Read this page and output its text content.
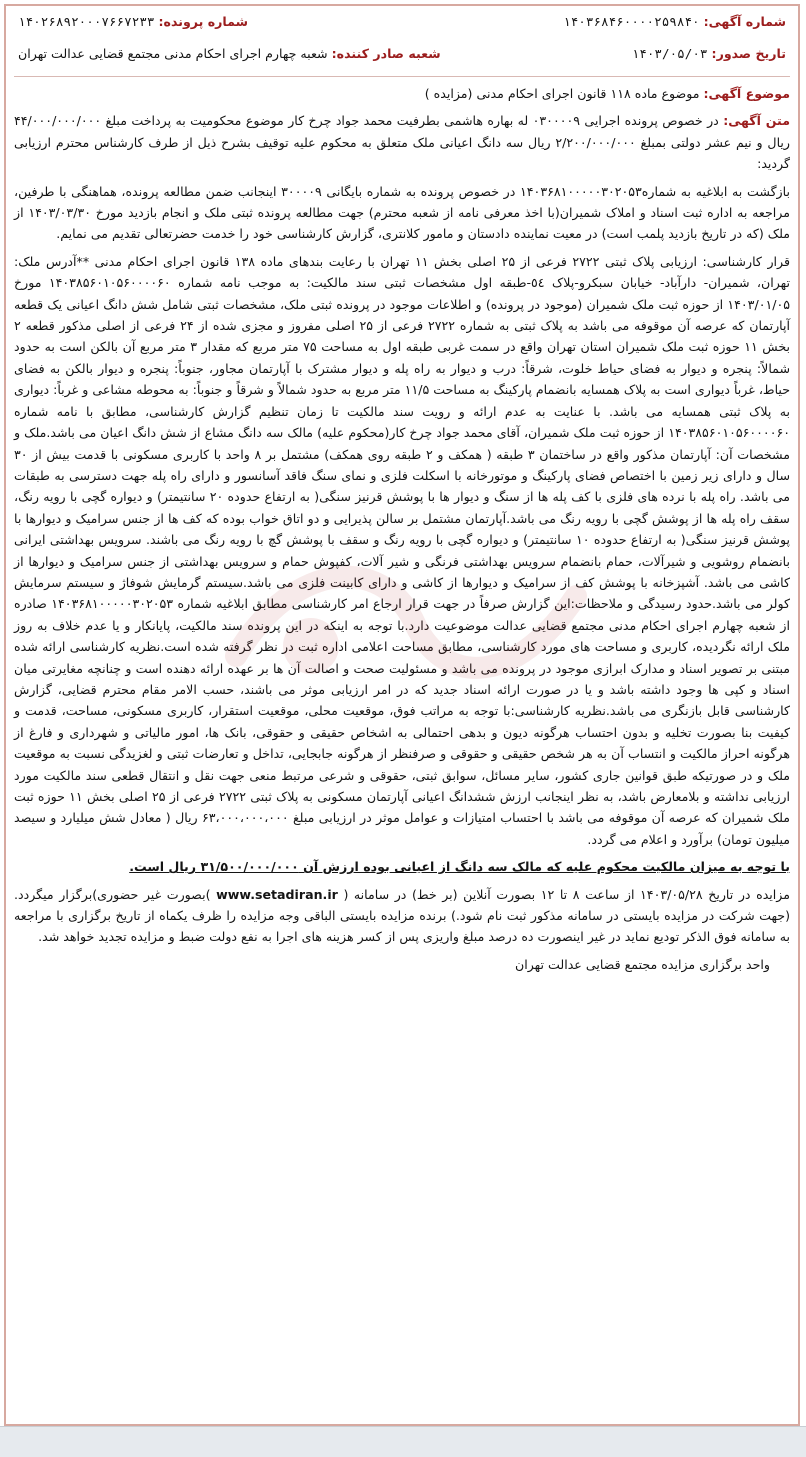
شماره آگهی: ۱۴۰۳۶۸۴۶۰۰۰۰۲۵۹۸۴۰
شماره پرونده: ۱۴۰۲۶۸۹۲۰۰۰۷۶۶۷۲۳۳
تاریخ صدور: ۱۴۰۳/۰۵/۰۳
شعبه صادر کننده: شعبه چهارم اجرای احکام مدنی مجتمع قضایی عدالت تهران

موضوع آگهی: موضوع ماده ۱۱۸ قانون اجرای احکام مدنی (مزایده )

متن آگهی: در خصوص پرونده اجرایی ۰۳۰۰۰۰۹ له بهاره هاشمی بطرفیت محمد جواد چرخ کار موضوع محکومیت به پرداخت مبلغ ۴۴/۰۰۰/۰۰۰/۰۰۰ ریال و نیم عشر دولتی بمبلغ ۲/۲۰۰/۰۰۰/۰۰۰ ریال سه دانگ اعیانی ملک متعلق به محکوم علیه توقیف بشرح ذیل از طرف کارشناس محترم ارزیابی گردید:

بازگشت به ابلاغیه به شماره۱۴۰۳۶۸۱۰۰۰۰۰۳۰۲۰۵۳ در خصوص پرونده به شماره بایگانی ۳۰۰۰۰۹ اینجانب ضمن مطالعه پرونده، هماهنگی با طرفین، مراجعه به اداره ثبت اسناد و املاک شمیران(با اخذ معرفی نامه از شعبه محترم) جهت مطالعه پرونده ثبتی ملک و انجام بازدید مورخ ۱۴۰۳/۰۳/۳۰ از ملک (که در تاریخ بازدید پلمب است) در معیت نماینده دادستان و مامور کلانتری، گزارش کارشناسی خود را خدمت حضرتعالی تقدیم می نمایم.

قرار کارشناسی: ارزیابی پلاک ثبتی ۲۷۲۲ فرعی از ۲۵ اصلی بخش ۱۱ تهران با رعایت بندهای ماده ۱۳۸ قانون اجرای احکام مدنی **آدرس ملک: تهران، شمیران- دارآباد- خیابان سبکرو-پلاک ٥٤-طبقه اول مشخصات ثبتی سند مالکیت: به موجب نامه شماره ۱۴۰۳۸۵۶۰۱۰۵۶۰۰۰۰۶۰ مورخ ۱۴۰۳/۰۱/۰۵ از حوزه ثبت ملک شمیران (موجود در پرونده) و اطلاعات موجود در پرونده ثبتی ملک، مشخصات ثبتی شامل شش دانگ اعیانی یک قطعه آپارتمان که عرصه آن موقوفه می باشد به پلاک ثبتی به شماره ۲۷۲۲ فرعی از ۲۵ اصلی مفروز و مجزی شده از ۲۴ فرعی از اصلی مذکور قطعه ۲ بخش ۱۱ حوزه ثبت ملک شمیران استان تهران واقع در سمت غربی طبقه اول به مساحت ۷۵ متر مربع که مقدار ۳ متر مربع آن بالکن است به حدود شمالاً: پنجره و دیوار به فضای حیاط خلوت، شرقاً: درب و دیوار به راه پله و دیوار مشترک با آپارتمان مجاور، جنوباً: پنجره و دیوار بالکن به فضای حیاط، غرباً دیواری است به پلاک همسایه بانضمام پارکینگ به مساحت ۱۱/۵ متر مربع به حدود شمالاً و شرقاً و جنوباً: به محوطه مشاعی و غرباً: دیواری به پلاک ثبتی همسایه می باشد. با عنایت به عدم ارائه و رویت سند مالکیت تا زمان تنظیم گزارش کارشناسی، مطابق با نامه شماره ۱۴۰۳۸۵۶۰۱۰۵۶۰۰۰۰۶۰ از حوزه ثبت ملک شمیران، آقای محمد جواد چرخ کار(محکوم علیه) مالک سه دانگ مشاع از شش دانگ اعیان می باشد.ملک و مشخصات آن: آپارتمان مذکور واقع در ساختمان ۳ طبقه ( همکف و ۲ طبقه روی همکف) مشتمل بر ۸ واحد با کاربری مسکونی با قدمت بیش از ۳۰ سال و دارای زیر زمین با اختصاص فضای پارکینگ و موتورخانه با اسکلت فلزی و نمای سنگ فاقد آسانسور و دارای راه پله جهت دسترسی به طبقات می باشد. راه پله با نرده های فلزی با کف پله ها از سنگ و دیوار ها با پوشش قرنیز سنگی( به ارتفاع حدوده ۲۰ سانتیمتر) و دیواره گچی با رویه رنگ، سقف راه پله ها از پوشش گچی با رویه رنگ می باشد.آپارتمان مشتمل بر سالن پذیرایی و دو اتاق خواب بوده که کف ها از جنس سرامیک و دیوارها با پوشش قرنیز سنگی( به ارتفاع حدوده ۱۰ سانتیمتر) و دیواره گچی با رویه رنگ و سقف با پوشش گچ با رویه رنگ می باشند. سرویس بهداشتی ایرانی بانضمام روشویی و شیرآلات، حمام بانضمام سرویس بهداشتی فرنگی و شیر آلات، کفپوش حمام و سرویس بهداشتی از جنس سرامیک و دیوارها از کاشی می باشد. آشپزخانه با پوشش کف از سرامیک و دیوارها از کاشی و دارای کابینت فلزی می باشد.سیستم گرمایش شوفاژ و سیستم سرمایش کولر می باشد.حدود رسیدگی و ملاحظات:این گزارش صرفاً در جهت قرار ارجاع امر کارشناسی مطابق ابلاغیه شماره ۱۴۰۳۶۸۱۰۰۰۰۰۳۰۲۰۵۳ صادره از شعبه چهارم اجرای احکام مدنی مجتمع قضایی عدالت موضوعیت دارد.با توجه به اینکه در این پرونده سند مالکیت، پایانکار و یا عدم خلاف به روز ملک ارائه نگردیده، کاربری و مساحت های مورد کارشناسی، مطابق مساحت اعلامی اداره ثبت در نظر گرفته شده است.نظریه کارشناسی ارائه شده مبتنی بر تصویر اسناد و مدارک ابرازی موجود در پرونده می باشد و مسئولیت صحت و اصالت آن ها بر عهده ارائه دهنده است و چنانچه مغایرتی میان اسناد و کپی ها وجود داشته باشد و یا در صورت ارائه اسناد جدید که در امر ارزیابی موثر می باشند، حسب الامر مقام محترم قضایی، گزارش کارشناسی قابل بازنگری می باشد.نظریه کارشناسی:با توجه به مراتب فوق، موقعیت محلی، موقعیت استقرار، کاربری مسکونی، مساحت، قدمت و کیفیت بنا بصورت تخلیه و بدون احتساب هرگونه دیون و بدهی احتمالی به اشخاص حقیقی و حقوقی، بانک ها، امور مالیاتی و شهرداری و فارغ از هرگونه احراز مالکیت و انتساب آن به هر شخص حقیقی و حقوقی و صرفنظر از هرگونه جابجایی، تداخل و تعارضات ثبتی و لغزیدگی نسبت به موقعیت ملک و در صورتیکه طبق قوانین جاری کشور، سایر مسائل، سوابق ثبتی، حقوقی و شرعی مرتبط منعی جهت نقل و انتقال قطعی سند مالکیت مورد ارزیابی نداشته و بلامعارض باشد، به نظر اینجانب ارزش ششدانگ اعیانی آپارتمان مسکونی به پلاک ثبتی ۲۷۲۲ فرعی از ۲۵ اصلی بخش ۱۱ حوزه ثبت ملک شمیران که عرصه آن موقوفه می باشد با احتساب امتیازات و عوامل موثر در ارزیابی مبلغ ۶۳،۰۰۰،۰۰۰،۰۰۰ ریال ( معادل شش میلیارد و سیصد میلیون تومان) برآورد و اعلام می گردد.

با توجه به میزان مالکیت محکوم علیه که مالک سه دانگ از اعیانی بوده ارزش آن ۳۱/۵۰۰/۰۰۰/۰۰۰ ریال است.

مزایده در تاریخ ۱۴۰۳/۰۵/۲۸ از ساعت ۸ تا ۱۲ بصورت آنلاین (بر خط) در سامانه ( www.setadiran.ir )بصورت غیر حضوری)برگزار میگردد. (جهت شرکت در مزایده بایستی در سامانه مذکور ثبت نام شود.) برنده مزایده بایستی الباقی وجه مزایده را ظرف یکماه از تاریخ برگزاری با مراجعه به سامانه فوق الذکر تودیع نماید در غیر اینصورت ده درصد مبلغ واریزی پس از کسر هزینه های اجرا به نفع دولت ضبط و مزایده تجدید خواهد شد.

واحد برگزاری مزایده مجتمع قضایی عدالت تهران
